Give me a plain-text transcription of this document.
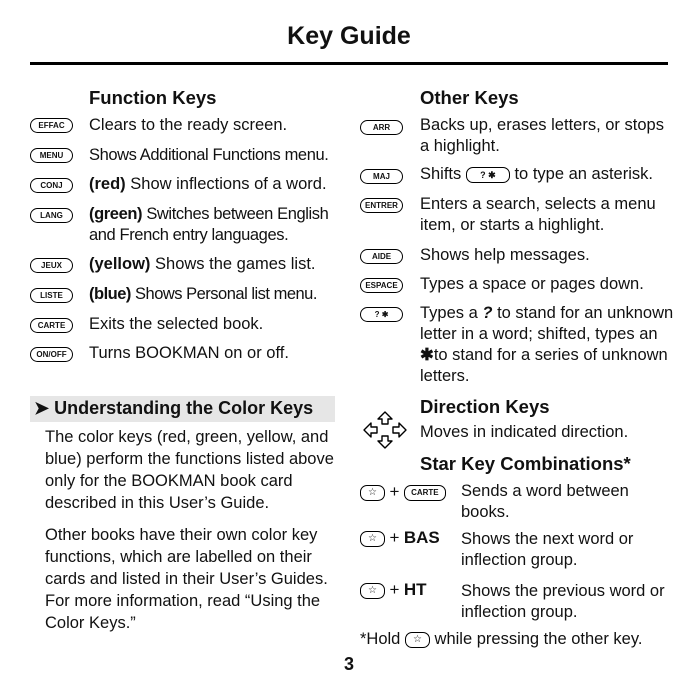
Key Guide
Function Keys
EFFAC	Clears to the ready screen.
MENU	Shows Additional Functions menu.
CONJ	(red) Show inflections of a word.
LANG	(green) Switches between English and French entry languages.
JEUX	(yellow) Shows the games list.
LISTE	(blue) Shows Personal list menu.
CARTE	Exits the selected book.
ON/OFF	Turns BOOKMAN on or off.
➤ Understanding the Color Keys
The color keys (red, green, yellow, and blue) perform the functions listed above only for the BOOKMAN book card described in this User’s Guide.
Other books have their own color key functions, which are labelled on their cards and listed in their User’s Guides. For more information, read “Using the Color Keys.”
Other Keys
ARR	Backs up, erases letters, or stops a highlight.
MAJ	Shifts ? ✱ to type an asterisk.
ENTRER	Enters a search, selects a menu item, or starts a highlight.
AIDE	Shows help messages.
ESPACE	Types a space or pages down.
? ✱	Types a ? to stand for an unknown letter in a word; shifted, types an ✱to stand for a series of unknown letters.
Direction Keys
Moves in indicated direction.
Star Key Combinations*
☆ + CARTE	Sends a word between books.
☆ + BAS Shows the next word or inflection group.
☆ + HT Shows the previous word or inflection group.
*Hold ☆ while pressing the other key.
3
